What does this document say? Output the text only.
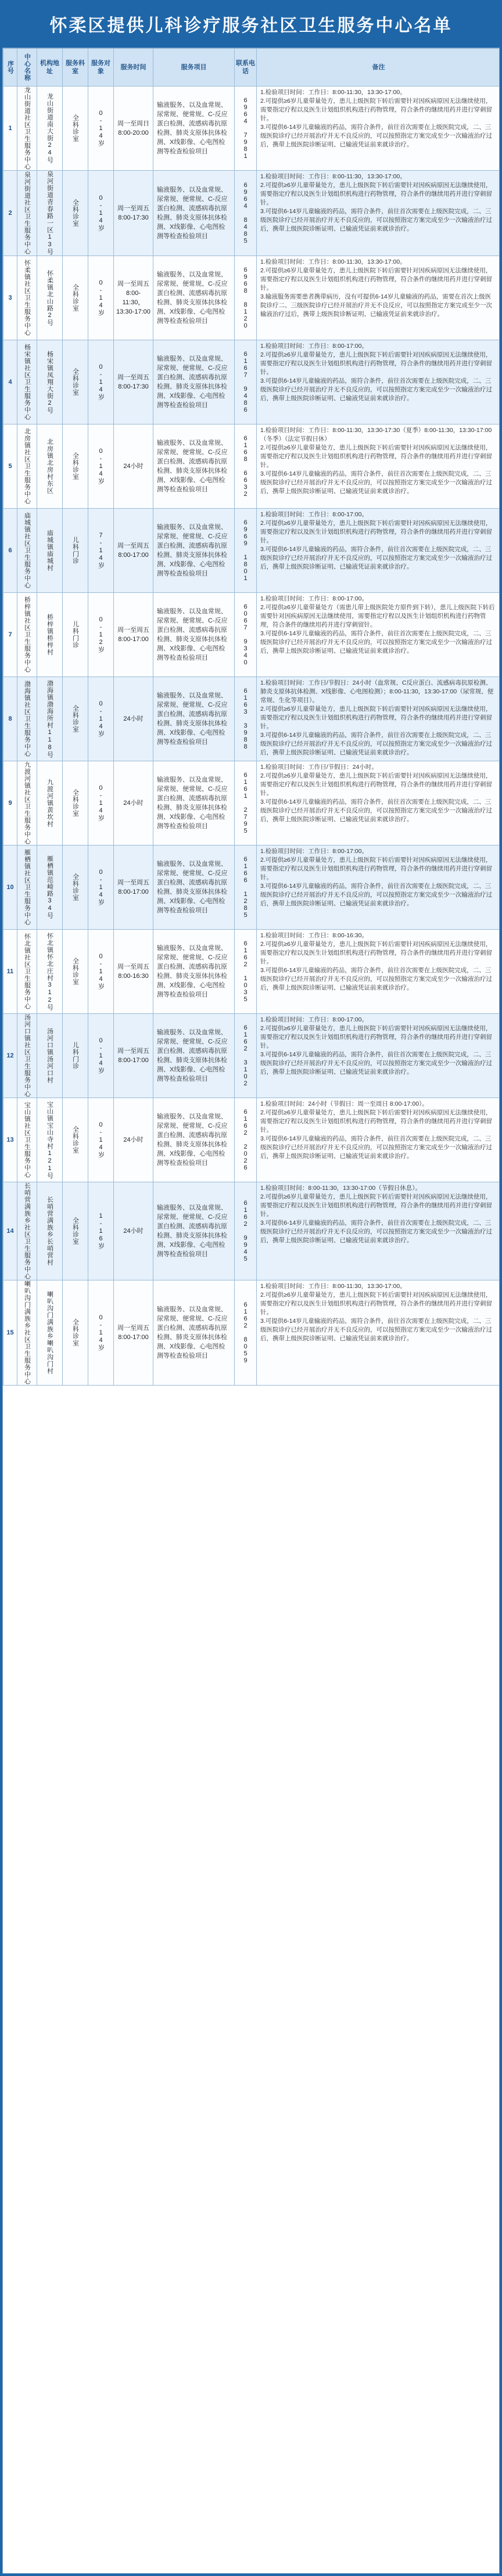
怀柔区提供儿科诊疗服务社区卫生服务中心名单
序号	中心名称	机构地址	服务科室	服务对象	服务时间	服务项目	联系电话	备注

1	龙山街道社区卫生服务中心	龙山街道南大街24号	全科诊室	0-14岁	周一至周日8:00-20:00	输液服务、以及血常规、尿常规、便常规、C-反应蛋白检测、流感病毒抗原检测、肺炎支原体抗体检测、X线影像、心电图检测等检查检验项目	6964 7981	1.检验项目时间：工作日：8:00-11:30，13:30-17:00。
2.可提供≥6岁儿童带量处方，患儿上级医院下转后需要针对因疾病原因无法继续使用，需要指定疗程以及医生计划组织机构进行药物管理，符合条件的继续用药并进行穿刺留针。
3.可提供6-14岁儿童输液的药品，需符合条件，前往首次需要在上级医院完成，二、三级医院诊疗已经开展治疗并无不良反应的，可以按照指定方案完成至少一次输液治疗过后，携带上级医院诊断证明、已输液凭证前来就诊治疗。

2	泉河街道社区卫生服务中心	泉河街道青春路一区13号	全科诊室	0-14岁	周一至周五8:00-17:30	输液服务、以及血常规、尿常规、便常规、C-反应蛋白检测、流感病毒抗原检测、肺炎支原体抗体检测、X线影像、心电图检测等检查检验项目	6964 8485	1.检验项目时间：工作日：8:00-11:30，13:30-17:00。
2.可提供≥6岁儿童带量处方，患儿上级医院下转后需要针对因疾病原因无法继续使用，需要指定疗程以及医生计划组织机构进行药物管理，符合条件的继续用药并进行穿刺留针。
3.可提供6-14岁儿童输液的药品，需符合条件，前往首次需要在上级医院完成，二、三级医院诊疗已经开展治疗并无不良反应的，可以按照指定方案完成至少一次输液治疗过后，携带上级医院诊断证明、已输液凭证前来就诊治疗。

3	怀柔镇社区卫生服务中心	怀柔镇北山路2号	全科诊室	0-14岁	周一至周五8:00-11:30，13:30-17:00	输液服务、以及血常规、尿常规、便常规、C-反应蛋白检测、流感病毒抗原检测、肺炎支原体抗体检测、X线影像、心电图检测等检查检验项目	6968 8120	1.检验项目时间：工作日：8:00-11:30，13:30-17:00。
2.可提供≥6岁儿童带量处方，患儿上级医院下转后需要针对因疾病原因无法继续使用，需要指定疗程以及医生计划组织机构进行药物管理，符合条件的继续用药并进行穿刺留针。
3.输液服务需要患者携带病历，没有可提供6-14岁儿童输液的药品，需要在首次上级医院诊疗二、三级医院诊疗已经开展治疗并无不良反应，可以按照指定方案完成至少一次输液治疗过后，携带上级医院诊断证明、已输液凭证前来就诊治疗。

4	杨宋镇社区卫生服务中心	杨宋镇凤翔大街2号	全科诊室	0-14岁	周一至周五8:00-17:30	输液服务、以及血常规、尿常规、便常规、C-反应蛋白检测、流感病毒抗原检测、肺炎支原体抗体检测、X线影像、心电图检测等检查检验项目	6167 9486	1.检验项目时间：工作日：8:00-17:00。
2.可提供≥6岁儿童带量处方，患儿上级医院下转后需要针对因疾病原因无法继续使用，需要指定疗程以及医生计划组织机构进行药物管理，符合条件的继续用药并进行穿刺留针。
3.可提供6-14岁儿童输液的药品，需符合条件，前往首次需要在上级医院完成，二、三级医院诊疗已经开展治疗并无不良反应的，可以按照指定方案完成至少一次输液治疗过后，携带上级医院诊断证明、已输液凭证前来就诊治疗。

5	北房镇社区卫生服务中心	北房镇北房村东区	全科诊室	0-14岁	24小时	输液服务、以及血常规、尿常规、便常规、C-反应蛋白检测、流感病毒抗原检测、肺炎支原体抗体检测、X线影像、心电图检测等检查检验项目	6168 6632	1.检验项目时间：工作日：8:00-11:30，13:30-17:30（夏季）8:00-11:30，13:30-17:00（冬季）（法定节假日休）
2.可提供≥6岁儿童带量处方，患儿上级医院下转后需要针对因疾病原因无法继续使用，需要指定疗程以及医生计划组织机构进行药物管理，符合条件的继续用药并进行穿刺留针。
3.可提供6-14岁儿童输液的药品，需符合条件，前往首次需要在上级医院完成，二、三级医院诊疗已经开展治疗并无不良反应的，可以按照指定方案完成至少一次输液治疗过后，携带上级医院诊断证明、已输液凭证前来就诊治疗。

6	庙城镇社区卫生服务中心	庙城镇庙城村	儿科门诊	7-14岁	周一至周五8:00-17:00	输液服务、以及血常规、尿常规、便常规、C-反应蛋白检测、流感病毒抗原检测、肺炎支原体抗体检测、X线影像、心电图检测等检查检验项目	6969 1801	1.检验项目时间：工作日：8:00-17:00。
2.可提供≥6岁儿童带量处方，患儿上级医院下转后需要针对因疾病原因无法继续使用，需要指定疗程以及医生计划组织机构进行药物管理，符合条件的继续用药并进行穿刺留针。
3.可提供6-14岁儿童输液的药品，需符合条件，前往首次需要在上级医院完成，二、三级医院诊疗已经开展治疗并无不良反应的，可以按照指定方案完成至少一次输液治疗过后，携带上级医院诊断证明、已输液凭证前来就诊治疗。

7	桥梓镇社区卫生服务中心	桥梓镇桥梓村	儿科门诊	0-12岁	周一至周五8:00-17:00	输液服务、以及血常规、尿常规、便常规、C-反应蛋白检测、流感病毒抗原检测、肺炎支原体抗体检测、X线影像、心电图检测等检查检验项目	6067 9340	1.检验项目时间：工作日：8:00-17:00。
2.可提供≥6岁儿童带量处方（需患儿带上级医院处方原件到下转），患儿上级医院下转后需要针对因疾病原因无法继续使用，需要指定疗程以及医生计划组织机构进行药物管理，符合条件的继续用药并进行穿刺留针。
3.可提供6-14岁儿童输液的药品，需符合条件，前往首次需要在上级医院完成，二、三级医院诊疗已经开展治疗并无不良反应的，可以按照指定方案完成至少一次输液治疗过后，携带上级医院诊断证明、已输液凭证前来就诊治疗。

8	渤海镇社区卫生服务中心	渤海镇渤海所村118号	全科诊室	0-14岁	24小时	输液服务、以及血常规、尿常规、便常规、C-反应蛋白检测、流感病毒抗原检测、肺炎支原体抗体检测、X线影像、心电图检测等检查检验项目	6163 3988	1.检验项目时间：工作日/节假日：24小时（血常规、C反应蛋白、流感病毒抗原检测、肺炎支原体抗体检测、X线影像、心电图检测）；8:00-11:30，13:30-17:00（尿常规、便常规、生化等项目）。
2.可提供≥6岁儿童带量处方，患儿上级医院下转后需要针对因疾病原因无法继续使用，需要指定疗程以及医生计划组织机构进行药物管理，符合条件的继续用药并进行穿刺留针。
3.可提供6-14岁儿童输液的药品，需符合条件，前往首次需要在上级医院完成，二、三级医院诊疗已经开展治疗并无不良反应的，可以按照指定方案完成至少一次输液治疗过后，携带上级医院诊断证明、已输液凭证前来就诊治疗。

9	九渡河镇社区卫生服务中心	九渡河镇黄坎村	全科诊室	0-14岁	24小时	输液服务、以及血常规、尿常规、便常规、C-反应蛋白检测、流感病毒抗原检测、肺炎支原体抗体检测、X线影像、心电图检测等检查检验项目	6161 2795	1.检验项目时间：工作日/节假日：24小时。
2.可提供≥6岁儿童带量处方，患儿上级医院下转后需要针对因疾病原因无法继续使用，需要指定疗程以及医生计划组织机构进行药物管理，符合条件的继续用药并进行穿刺留针。
3.可提供6-14岁儿童输液的药品，需符合条件，前往首次需要在上级医院完成，二、三级医院诊疗已经开展治疗并无不良反应的，可以按照指定方案完成至少一次输液治疗过后，携带上级医院诊断证明、已输液凭证前来就诊治疗。

10	雁栖镇社区卫生服务中心	雁栖镇范崎路34号	全科诊室	0-14岁	周一至周五8:00-17:00	输液服务、以及血常规、尿常规、便常规、C-反应蛋白检测、流感病毒抗原检测、肺炎支原体抗体检测、X线影像、心电图检测等检查检验项目	6166 1285	1.检验项目时间：工作日：8:00-17:00。
2.可提供≥6岁儿童带量处方，患儿上级医院下转后需要针对因疾病原因无法继续使用，需要指定疗程以及医生计划组织机构进行药物管理，符合条件的继续用药并进行穿刺留针。
3.可提供6-14岁儿童输液的药品，需符合条件，前往首次需要在上级医院完成，二、三级医院诊疗已经开展治疗并无不良反应的，可以按照指定方案完成至少一次输液治疗过后，携带上级医院诊断证明、已输液凭证前来就诊治疗。

11	怀北镇社区卫生服务中心	怀北镇怀北庄村312号	全科诊室	0-14岁	周一至周五8:00-16:30	输液服务、以及血常规、尿常规、便常规、C-反应蛋白检测、流感病毒抗原检测、肺炎支原体抗体检测、X线影像、心电图检测等检查检验项目	6162 1035	1.检验项目时间：工作日：8:00-16:30。
2.可提供≥6岁儿童带量处方，患儿上级医院下转后需要针对因疾病原因无法继续使用，需要指定疗程以及医生计划组织机构进行药物管理，符合条件的继续用药并进行穿刺留针。
3.可提供6-14岁儿童输液的药品，需符合条件，前往首次需要在上级医院完成，二、三级医院诊疗已经开展治疗并无不良反应的，可以按照指定方案完成至少一次输液治疗过后，携带上级医院诊断证明、已输液凭证前来就诊治疗。

12	汤河口镇社区卫生服务中心	汤河口镇汤河口村	儿科门诊	0-14岁	周一至周五8:00-17:00	输液服务、以及血常规、尿常规、便常规、C-反应蛋白检测、流感病毒抗原检测、肺炎支原体抗体检测、X线影像、心电图检测等检查检验项目	6162 3102	1.检验项目时间：工作日：8:00-17:00。
2.可提供≥6岁儿童带量处方，患儿上级医院下转后需要针对因疾病原因无法继续使用，需要指定疗程以及医生计划组织机构进行药物管理，符合条件的继续用药并进行穿刺留针。
3.可提供6-14岁儿童输液的药品，需符合条件，前往首次需要在上级医院完成，二、三级医院诊疗已经开展治疗并无不良反应的，可以按照指定方案完成至少一次输液治疗过后，携带上级医院诊断证明、已输液凭证前来就诊治疗。

13	宝山镇社区卫生服务中心	宝山镇宝山寺村121号	全科诊室	0-14岁	24小时	输液服务、以及血常规、尿常规、便常规、C-反应蛋白检测、流感病毒抗原检测、肺炎支原体抗体检测、X线影像、心电图检测等检查检验项目	6162 2026	1.检验项目时间：24小时（节假日：周一至周日 8:00-17:00）。
2.可提供≥6岁儿童带量处方，患儿上级医院下转后需要针对因疾病原因无法继续使用，需要指定疗程以及医生计划组织机构进行药物管理，符合条件的继续用药并进行穿刺留针。
3.可提供6-14岁儿童输液的药品，需符合条件，前往首次需要在上级医院完成，二、三级医院诊疗已经开展治疗并无不良反应的，可以按照指定方案完成至少一次输液治疗过后，携带上级医院诊断证明、已输液凭证前来就诊治疗。

14	长哨营满族乡社区卫生服务中心	长哨营满族乡长哨营村	全科诊室	1-16岁	24小时	输液服务、以及血常规、尿常规、便常规、C-反应蛋白检测、流感病毒抗原检测、肺炎支原体抗体检测、X线影像、心电图检测等检查检验项目	6162 9945	1.检验项目时间：8:00-11:30，13:30-17:00（节假日休息）。
2.可提供≥6岁儿童带量处方，患儿上级医院下转后需要针对因疾病原因无法继续使用，需要指定疗程以及医生计划组织机构进行药物管理，符合条件的继续用药并进行穿刺留针。
3.可提供6-14岁儿童输液的药品，需符合条件，前往首次需要在上级医院完成，二、三级医院诊疗已经开展治疗并无不良反应的，可以按照指定方案完成至少一次输液治疗过后，携带上级医院诊断证明、已输液凭证前来就诊治疗。

15	喇叭沟门满族乡社区卫生服务中心	喇叭沟门满族乡喇叭沟门村	全科诊室	0-14岁	周一至周五8:00-17:00	输液服务、以及血常规、尿常规、便常规、C-反应蛋白检测、流感病毒抗原检测、肺炎支原体抗体检测、X线影像、心电图检测等检查检验项目	6162 8059	1.检验项目时间：工作日：8:00-11:30，13:30-17:00。
2.可提供≥6岁儿童带量处方，患儿上级医院下转后需要针对因疾病原因无法继续使用，需要指定疗程以及医生计划组织机构进行药物管理，符合条件的继续用药并进行穿刺留针。
3.可提供6-14岁儿童输液的药品，需符合条件，前往首次需要在上级医院完成，二、三级医院诊疗已经开展治疗并无不良反应的，可以按照指定方案完成至少一次输液治疗过后，携带上级医院诊断证明、已输液凭证前来就诊治疗。
